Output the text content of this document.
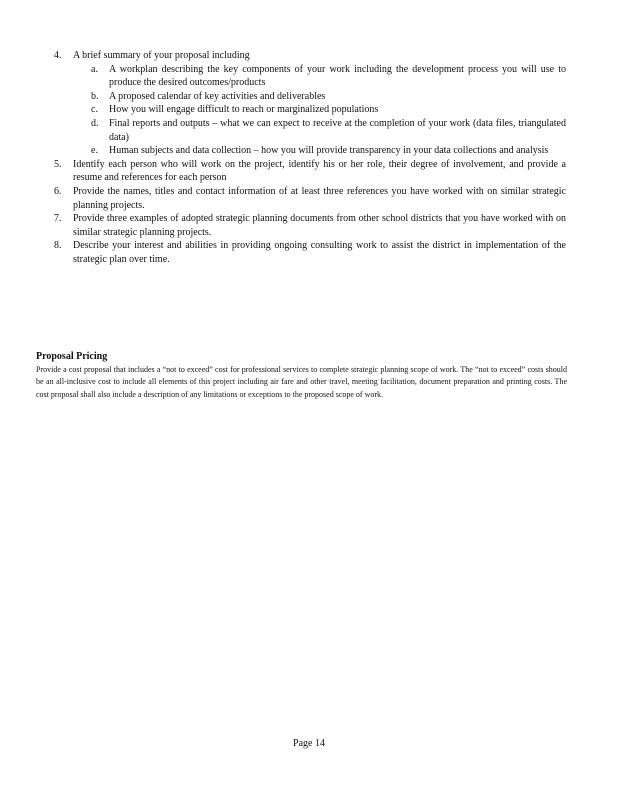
4. A brief summary of your proposal including
a. A workplan describing the key components of your work including the development process you will use to produce the desired outcomes/products
b. A proposed calendar of key activities and deliverables
c. How you will engage difficult to reach or marginalized populations
d. Final reports and outputs – what we can expect to receive at the completion of your work (data files, triangulated data)
e. Human subjects and data collection – how you will provide transparency in your data collections and analysis
5. Identify each person who will work on the project, identify his or her role, their degree of involvement, and provide a resume and references for each person
6. Provide the names, titles and contact information of at least three references you have worked with on similar strategic planning projects.
7. Provide three examples of adopted strategic planning documents from other school districts that you have worked with on similar strategic planning projects.
8. Describe your interest and abilities in providing ongoing consulting work to assist the district in implementation of the strategic plan over time.
Proposal Pricing

Provide a cost proposal that includes a “not to exceed” cost for professional services to complete strategic planning scope of work. The “not to exceed” costs should be an all-inclusive cost to include all elements of this project including air fare and other travel, meeting facilitation, document preparation and printing costs. The cost proposal shall also include a description of any limitations or exceptions to the proposed scope of work.

Page 14
